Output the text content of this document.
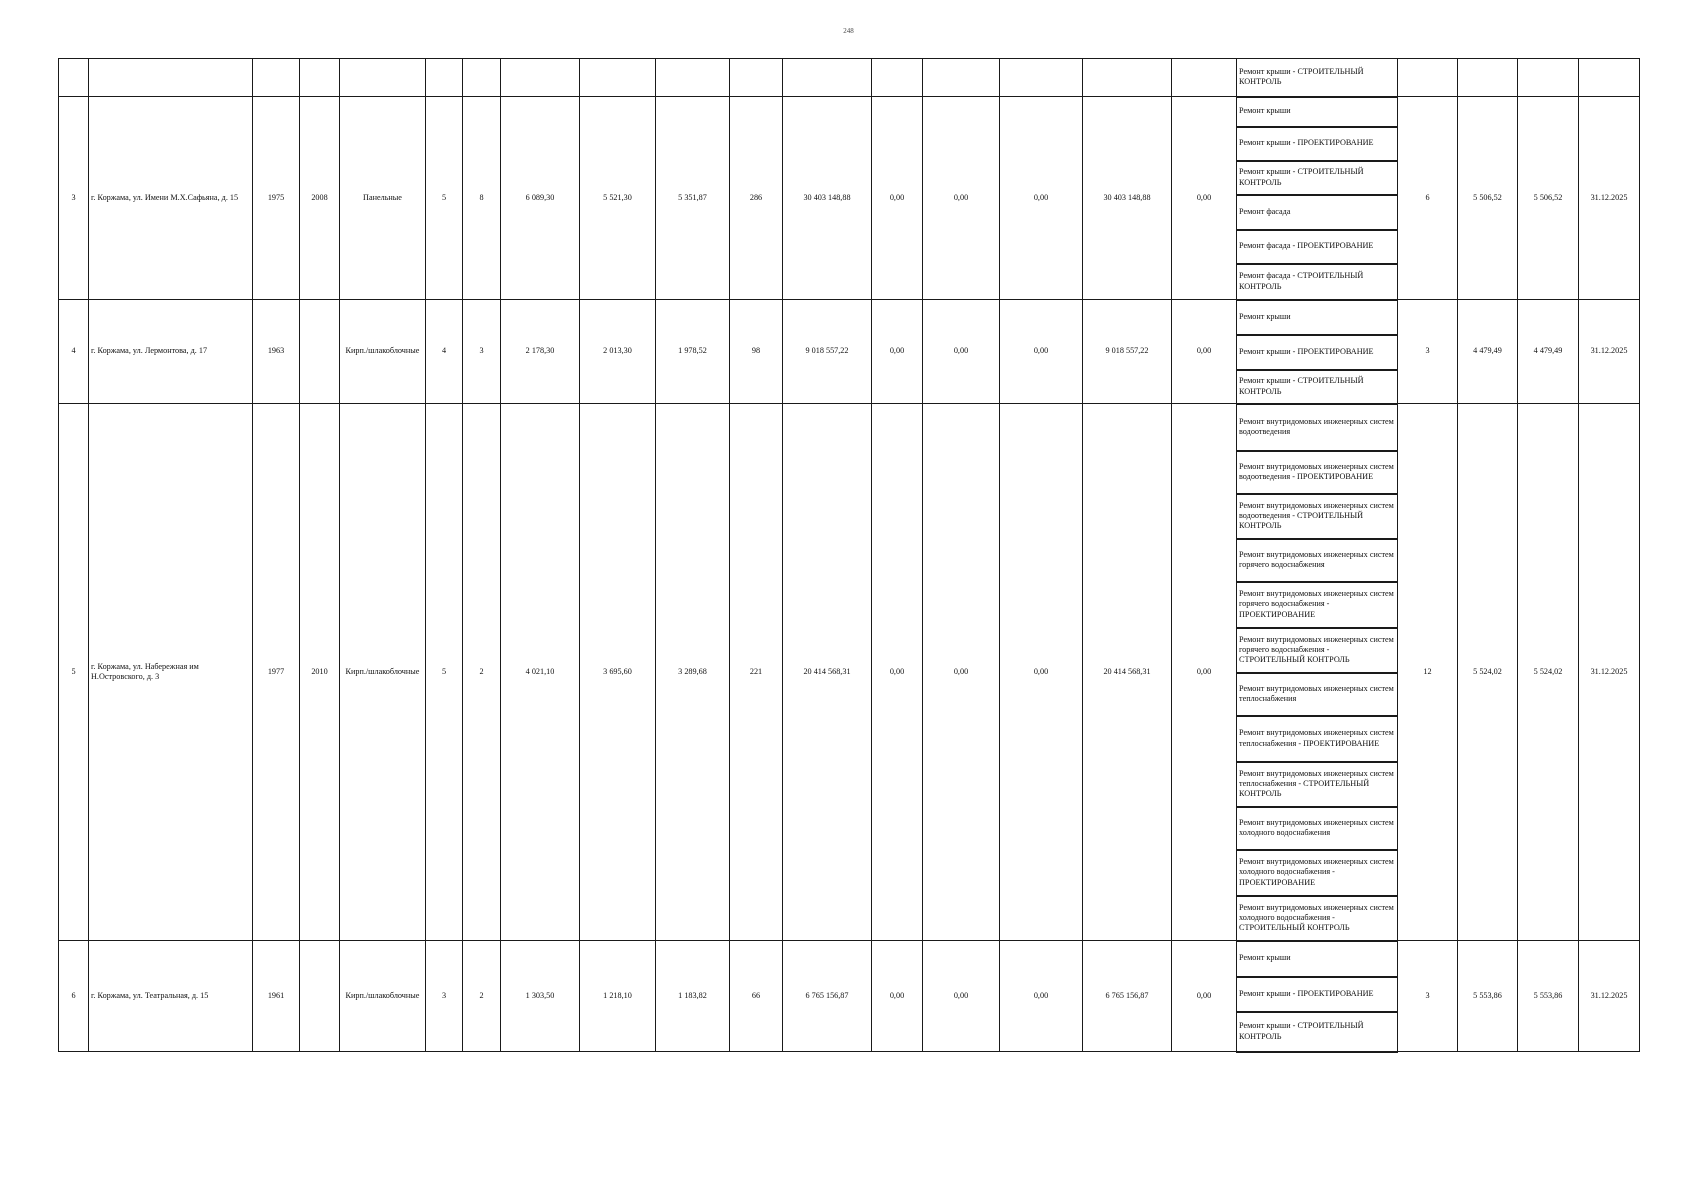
248

																	Ремонт крыши - СТРОИТЕЛЬНЫЙ КОНТРОЛЬ				

3	г. Коржама, ул. Имени М.Х.Сафьяна, д. 15	1975	2008	Панельные	5	8	6 089,30	5 521,30	5 351,87	286	30 403 148,88	0,00	0,00	0,00	30 403 148,88	0,00	Ремонт крыши	6	5 506,52	5 506,52	31.12.2025

																	Ремонт крыши - ПРОЕКТИРОВАНИЕ				

																	Ремонт крыши - СТРОИТЕЛЬНЫЙ КОНТРОЛЬ				

																	Ремонт фасада				

																	Ремонт фасада - ПРОЕКТИРОВАНИЕ				

																	Ремонт фасада - СТРОИТЕЛЬНЫЙ КОНТРОЛЬ				

4	г. Коржама, ул. Лермонтова, д. 17	1963		Кирп./шлакоблочные	4	3	2 178,30	2 013,30	1 978,52	98	9 018 557,22	0,00	0,00	0,00	9 018 557,22	0,00	Ремонт крыши	3	4 479,49	4 479,49	31.12.2025

																	Ремонт крыши - ПРОЕКТИРОВАНИЕ				

																	Ремонт крыши - СТРОИТЕЛЬНЫЙ КОНТРОЛЬ				

5	г. Коржама, ул. Набережная им Н.Островского, д. 3	1977	2010	Кирп./шлакоблочные	5	2	4 021,10	3 695,60	3 289,68	221	20 414 568,31	0,00	0,00	0,00	20 414 568,31	0,00	Ремонт внутридомовых инженерных систем водоотведения	12	5 524,02	5 524,02	31.12.2025

																	Ремонт внутридомовых инженерных систем водоотведения - ПРОЕКТИРОВАНИЕ				

																	Ремонт внутридомовых инженерных систем водоотведения - СТРОИТЕЛЬНЫЙ КОНТРОЛЬ				

																	Ремонт внутридомовых инженерных систем горячего водоснабжения				

																	Ремонт внутридомовых инженерных систем горячего водоснабжения - ПРОЕКТИРОВАНИЕ				

																	Ремонт внутридомовых инженерных систем горячего водоснабжения - СТРОИТЕЛЬНЫЙ КОНТРОЛЬ				

																	Ремонт внутридомовых инженерных систем теплоснабжения				

																	Ремонт внутридомовых инженерных систем теплоснабжения - ПРОЕКТИРОВАНИЕ				

																	Ремонт внутридомовых инженерных систем теплоснабжения - СТРОИТЕЛЬНЫЙ КОНТРОЛЬ				

																	Ремонт внутридомовых инженерных систем холодного водоснабжения				

																	Ремонт внутридомовых инженерных систем холодного водоснабжения - ПРОЕКТИРОВАНИЕ				

																	Ремонт внутридомовых инженерных систем холодного водоснабжения - СТРОИТЕЛЬНЫЙ КОНТРОЛЬ				

6	г. Коржама, ул. Театральная, д. 15	1961		Кирп./шлакоблочные	3	2	1 303,50	1 218,10	1 183,82	66	6 765 156,87	0,00	0,00	0,00	6 765 156,87	0,00	Ремонт крыши	3	5 553,86	5 553,86	31.12.2025

																	Ремонт крыши - ПРОЕКТИРОВАНИЕ				

																	Ремонт крыши - СТРОИТЕЛЬНЫЙ КОНТРОЛЬ				
